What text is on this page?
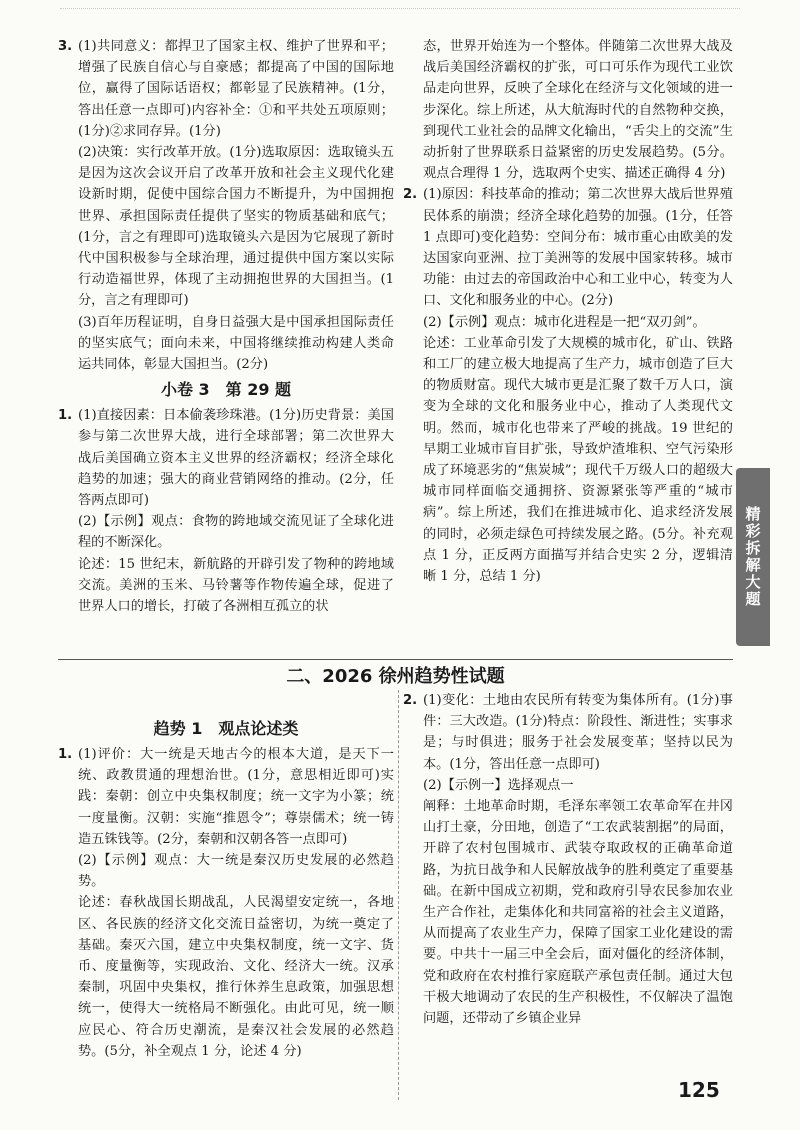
3. (1)共同意义：都捍卫了国家主权、维护了世界和平；增强了民族自信心与自豪感；都提高了中国的国际地位，赢得了国际话语权；都彰显了民族精神。(1分，答出任意一点即可)内容补全：①和平共处五项原则；(1分)②求同存异。(1分)

(2)决策：实行改革开放。(1分)选取原因：选取镜头五是因为这次会议开启了改革开放和社会主义现代化建设新时期，促使中国综合国力不断提升，为中国拥抱世界、承担国际责任提供了坚实的物质基础和底气；(1分，言之有理即可)选取镜头六是因为它展现了新时代中国积极参与全球治理，通过提供中国方案以实际行动造福世界，体现了主动拥抱世界的大国担当。(1分，言之有理即可)

(3)百年历程证明，自身日益强大是中国承担国际责任的坚实底气；面向未来，中国将继续推动构建人类命运共同体，彰显大国担当。(2分)

小卷 3　第 29 题

1. (1)直接因素：日本偷袭珍珠港。(1分)历史背景：美国参与第二次世界大战，进行全球部署；第二次世界大战后美国确立资本主义世界的经济霸权；经济全球化趋势的加速；强大的商业营销网络的推动。(2分，任答两点即可)

(2)【示例】观点：食物的跨地域交流见证了全球化进程的不断深化。

论述：15 世纪末，新航路的开辟引发了物种的跨地域交流。美洲的玉米、马铃薯等作物传遍全球，促进了世界人口的增长，打破了各洲相互孤立的状

态，世界开始连为一个整体。伴随第二次世界大战及战后美国经济霸权的扩张，可口可乐作为现代工业饮品走向世界，反映了全球化在经济与文化领域的进一步深化。综上所述，从大航海时代的自然物种交换，到现代工业社会的品牌文化输出，“舌尖上的交流”生动折射了世界联系日益紧密的历史发展趋势。(5分。观点合理得 1 分，选取两个史实、描述正确得 4 分)

2. (1)原因：科技革命的推动；第二次世界大战后世界殖民体系的崩溃；经济全球化趋势的加强。(1分，任答 1 点即可)变化趋势：空间分布：城市重心由欧美的发达国家向亚洲、拉丁美洲等的发展中国家转移。城市功能：由过去的帝国政治中心和工业中心，转变为人口、文化和服务业的中心。(2分)

(2)【示例】观点：城市化进程是一把“双刃剑”。

论述：工业革命引发了大规模的城市化，矿山、铁路和工厂的建立极大地提高了生产力，城市创造了巨大的物质财富。现代大城市更是汇聚了数千万人口，演变为全球的文化和服务业中心，推动了人类现代文明。然而，城市化也带来了严峻的挑战。19 世纪的早期工业城市盲目扩张，导致炉渣堆积、空气污染形成了环境恶劣的“焦炭城”；现代千万级人口的超级大城市同样面临交通拥挤、资源紧张等严重的“城市病”。综上所述，我们在推进城市化、追求经济发展的同时，必须走绿色可持续发展之路。(5分。补充观点 1 分，正反两方面描写并结合史实 2 分，逻辑清晰 1 分，总结 1 分)

二、2026 徐州趋势性试题
趋势 1　观点论述类

1. (1)评价：大一统是天地古今的根本大道，是天下一统、政教贯通的理想治世。(1分，意思相近即可)实践：秦朝：创立中央集权制度；统一文字为小篆；统一度量衡。汉朝：实施“推恩令”；尊崇儒术；统一铸造五铢钱等。(2分，秦朝和汉朝各答一点即可)

(2)【示例】观点：大一统是秦汉历史发展的必然趋势。

论述：春秋战国长期战乱，人民渴望安定统一，各地区、各民族的经济文化交流日益密切，为统一奠定了基础。秦灭六国，建立中央集权制度，统一文字、货币、度量衡等，实现政治、文化、经济大一统。汉承秦制，巩固中央集权，推行休养生息政策，加强思想统一，使得大一统格局不断强化。由此可见，统一顺应民心、符合历史潮流，是秦汉社会发展的必然趋势。(5分，补全观点 1 分，论述 4 分)

2. (1)变化：土地由农民所有转变为集体所有。(1分)事件：三大改造。(1分)特点：阶段性、渐进性；实事求是；与时俱进；服务于社会发展变革；坚持以民为本。(1分，答出任意一点即可)

(2)【示例一】选择观点一

阐释：土地革命时期，毛泽东率领工农革命军在井冈山打土豪，分田地，创造了“工农武装割据”的局面，开辟了农村包围城市、武装夺取政权的正确革命道路，为抗日战争和人民解放战争的胜利奠定了重要基础。在新中国成立初期，党和政府引导农民参加农业生产合作社，走集体化和共同富裕的社会主义道路，从而提高了农业生产力，保障了国家工业化建设的需要。中共十一届三中全会后，面对僵化的经济体制，党和政府在农村推行家庭联产承包责任制。通过大包干极大地调动了农民的生产积极性，不仅解决了温饱问题，还带动了乡镇企业异

精彩拆解大题
125
